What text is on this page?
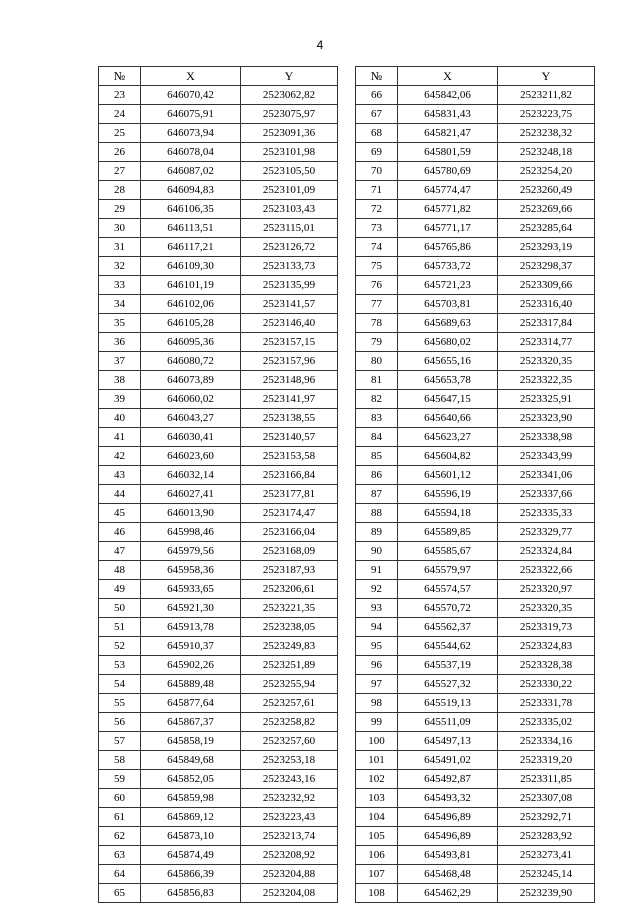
4
№	X	Y		№	X	Y
23	646070,42	2523062,82		66	645842,06	2523211,82
24	646075,91	2523075,97		67	645831,43	2523223,75
25	646073,94	2523091,36		68	645821,47	2523238,32
26	646078,04	2523101,98		69	645801,59	2523248,18
27	646087,02	2523105,50		70	645780,69	2523254,20
28	646094,83	2523101,09		71	645774,47	2523260,49
29	646106,35	2523103,43		72	645771,82	2523269,66
30	646113,51	2523115,01		73	645771,17	2523285,64
31	646117,21	2523126,72		74	645765,86	2523293,19
32	646109,30	2523133,73		75	645733,72	2523298,37
33	646101,19	2523135,99		76	645721,23	2523309,66
34	646102,06	2523141,57		77	645703,81	2523316,40
35	646105,28	2523146,40		78	645689,63	2523317,84
36	646095,36	2523157,15		79	645680,02	2523314,77
37	646080,72	2523157,96		80	645655,16	2523320,35
38	646073,89	2523148,96		81	645653,78	2523322,35
39	646060,02	2523141,97		82	645647,15	2523325,91
40	646043,27	2523138,55		83	645640,66	2523323,90
41	646030,41	2523140,57		84	645623,27	2523338,98
42	646023,60	2523153,58		85	645604,82	2523343,99
43	646032,14	2523166,84		86	645601,12	2523341,06
44	646027,41	2523177,81		87	645596,19	2523337,66
45	646013,90	2523174,47		88	645594,18	2523335,33
46	645998,46	2523166,04		89	645589,85	2523329,77
47	645979,56	2523168,09		90	645585,67	2523324,84
48	645958,36	2523187,93		91	645579,97	2523322,66
49	645933,65	2523206,61		92	645574,57	2523320,97
50	645921,30	2523221,35		93	645570,72	2523320,35
51	645913,78	2523238,05		94	645562,37	2523319,73
52	645910,37	2523249,83		95	645544,62	2523324,83
53	645902,26	2523251,89		96	645537,19	2523328,38
54	645889,48	2523255,94		97	645527,32	2523330,22
55	645877,64	2523257,61		98	645519,13	2523331,78
56	645867,37	2523258,82		99	645511,09	2523335,02
57	645858,19	2523257,60		100	645497,13	2523334,16
58	645849,68	2523253,18		101	645491,02	2523319,20
59	645852,05	2523243,16		102	645492,87	2523311,85
60	645859,98	2523232,92		103	645493,32	2523307,08
61	645869,12	2523223,43		104	645496,89	2523292,71
62	645873,10	2523213,74		105	645496,89	2523283,92
63	645874,49	2523208,92		106	645493,81	2523273,41
64	645866,39	2523204,88		107	645468,48	2523245,14
65	645856,83	2523204,08		108	645462,29	2523239,90
